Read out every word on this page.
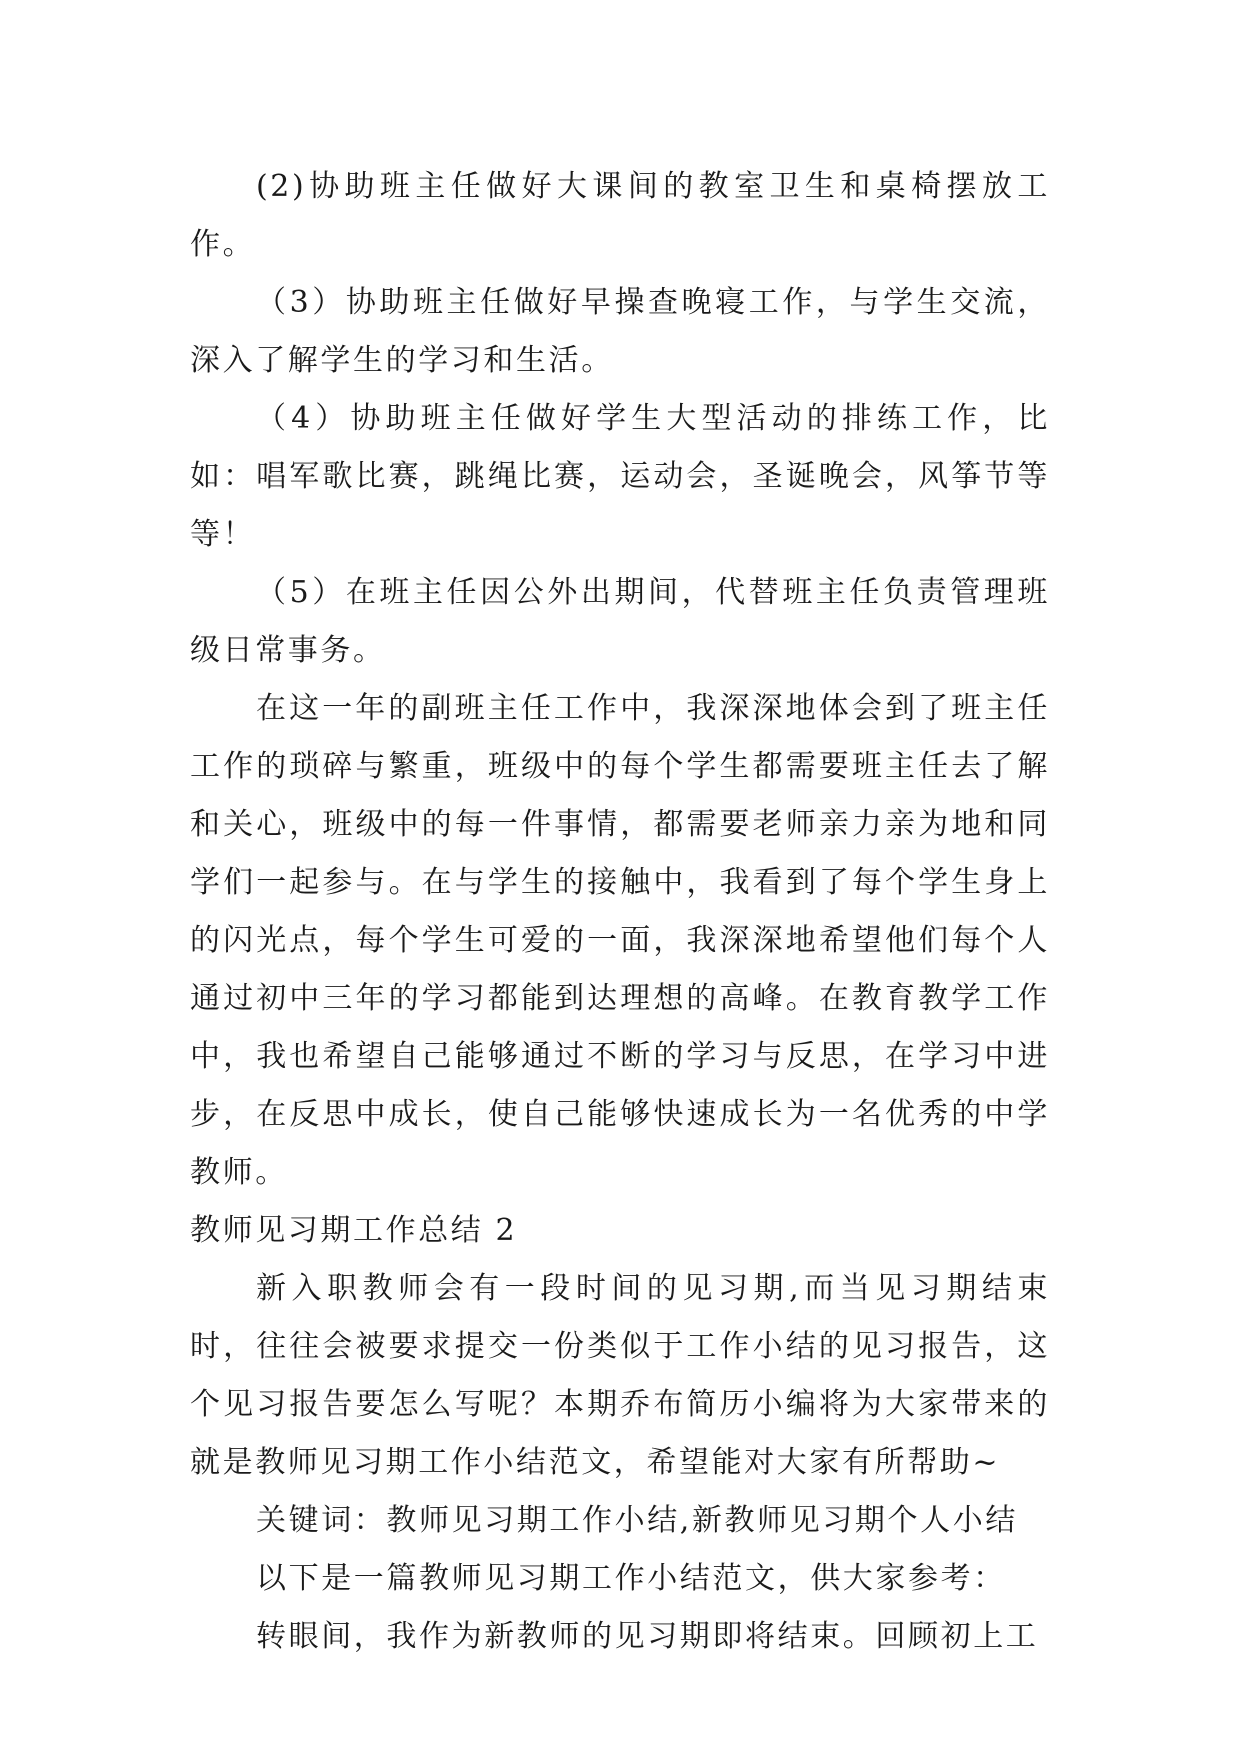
(2)协助班主任做好大课间的教室卫生和桌椅摆放工作。

（3）协助班主任做好早操查晚寝工作，与学生交流，深入了解学生的学习和生活。

（4）协助班主任做好学生大型活动的排练工作，比如：唱军歌比赛，跳绳比赛，运动会，圣诞晚会，风筝节等等！

（5）在班主任因公外出期间，代替班主任负责管理班级日常事务。

在这一年的副班主任工作中，我深深地体会到了班主任工作的琐碎与繁重，班级中的每个学生都需要班主任去了解和关心，班级中的每一件事情，都需要老师亲力亲为地和同学们一起参与。在与学生的接触中，我看到了每个学生身上的闪光点，每个学生可爱的一面，我深深地希望他们每个人通过初中三年的学习都能到达理想的高峰。在教育教学工作中，我也希望自己能够通过不断的学习与反思，在学习中进步，在反思中成长，使自己能够快速成长为一名优秀的中学教师。

教师见习期工作总结 2

新入职教师会有一段时间的见习期,而当见习期结束时，往往会被要求提交一份类似于工作小结的见习报告，这个见习报告要怎么写呢？本期乔布简历小编将为大家带来的就是教师见习期工作小结范文，希望能对大家有所帮助~

关键词：教师见习期工作小结,新教师见习期个人小结

以下是一篇教师见习期工作小结范文，供大家参考：

转眼间，我作为新教师的见习期即将结束。回顾初上工
